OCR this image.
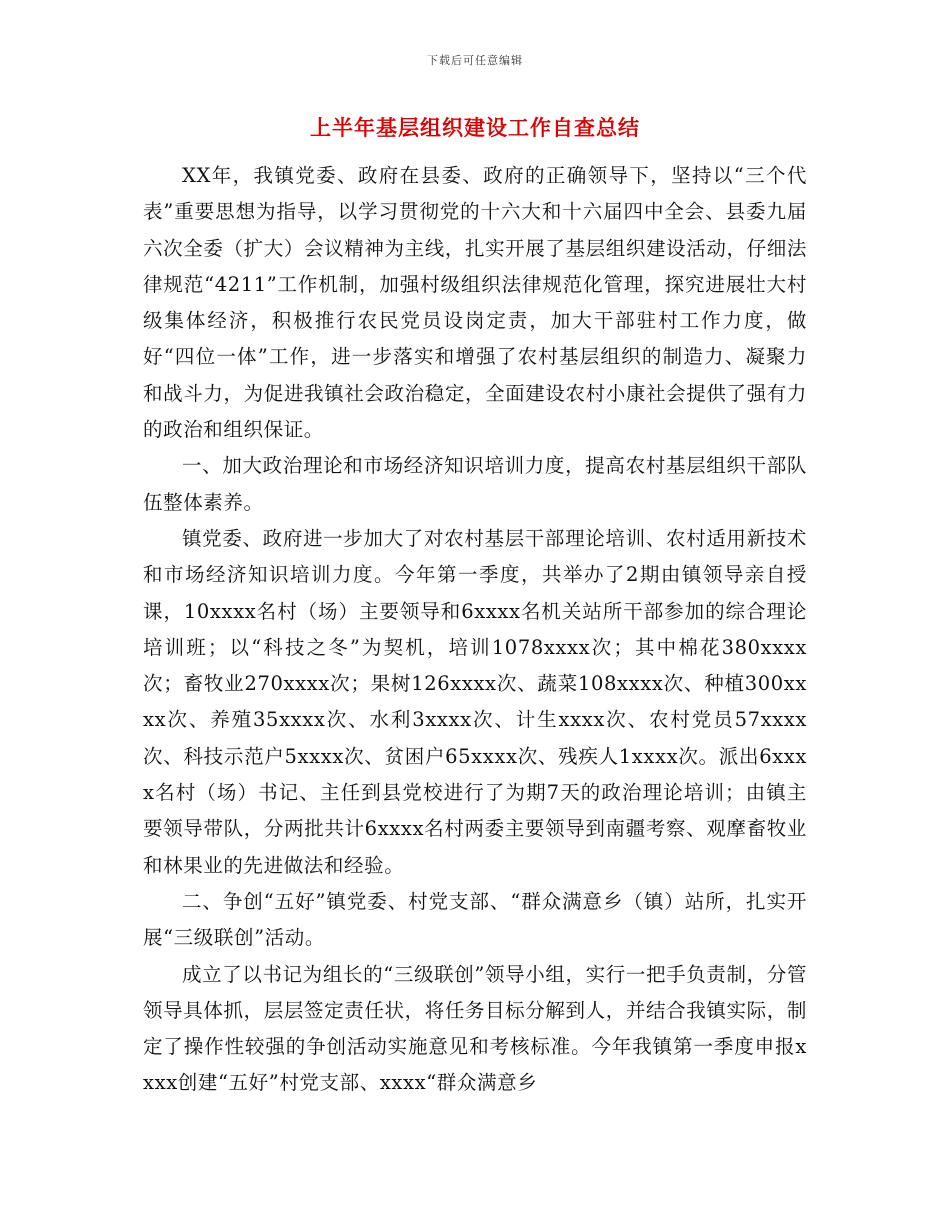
下载后可任意编辑
上半年基层组织建设工作自查总结

XX年，我镇党委、政府在县委、政府的正确领导下，坚持以“三个代表”重要思想为指导，以学习贯彻党的十六大和十六届四中全会、县委九届六次全委（扩大）会议精神为主线，扎实开展了基层组织建设活动，仔细法律规范“4211”工作机制，加强村级组织法律规范化管理，探究进展壮大村级集体经济，积极推行农民党员设岗定责，加大干部驻村工作力度，做好“四位一体”工作，进一步落实和增强了农村基层组织的制造力、凝聚力和战斗力，为促进我镇社会政治稳定，全面建设农村小康社会提供了强有力的政治和组织保证。

一、加大政治理论和市场经济知识培训力度，提高农村基层组织干部队伍整体素养。

镇党委、政府进一步加大了对农村基层干部理论培训、农村适用新技术和市场经济知识培训力度。今年第一季度，共举办了2期由镇领导亲自授课，10xxxx名村（场）主要领导和6xxxx名机关站所干部参加的综合理论培训班；以“科技之冬”为契机，培训1078xxxx次；其中棉花380xxxx次；畜牧业270xxxx次；果树126xxxx次、蔬菜108xxxx次、种植300xxxx次、养殖35xxxx次、水利3xxxx次、计生xxxx次、农村党员57xxxx次、科技示范户5xxxx次、贫困户65xxxx次、残疾人1xxxx次。派出6xxxx名村（场）书记、主任到县党校进行了为期7天的政治理论培训；由镇主要领导带队，分两批共计6xxxx名村两委主要领导到南疆考察、观摩畜牧业和林果业的先进做法和经验。

二、争创“五好”镇党委、村党支部、“群众满意乡（镇）站所，扎实开展“三级联创”活动。

成立了以书记为组长的“三级联创”领导小组，实行一把手负责制，分管领导具体抓，层层签定责任状，将任务目标分解到人，并结合我镇实际，制定了操作性较强的争创活动实施意见和考核标准。今年我镇第一季度申报xxxx创建“五好”村党支部、xxxx“群众满意乡
